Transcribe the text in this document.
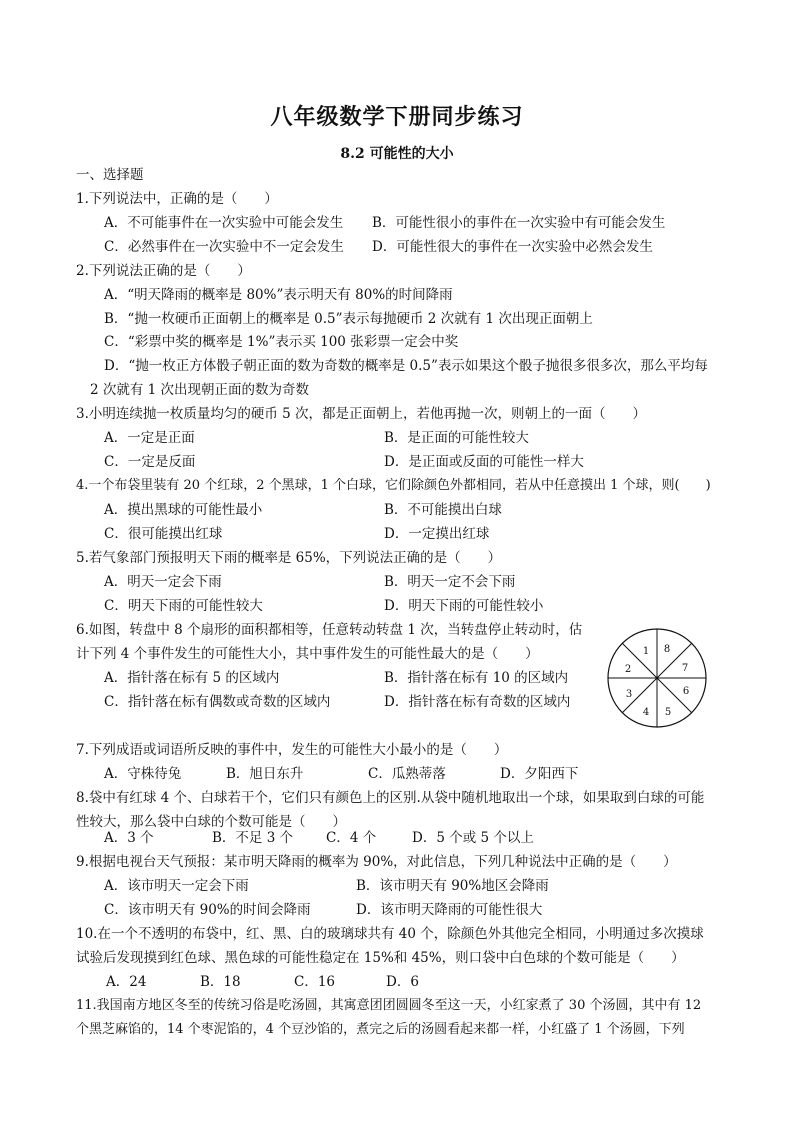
八年级数学下册同步练习
8.2 可能性的大小
一、选择题
1.下列说法中，正确的是（　　）
A．不可能事件在一次实验中可能会发生 B．可能性很小的事件在一次实验中有可能会发生
C．必然事件在一次实验中不一定会发生 D．可能性很大的事件在一次实验中必然会发生
2.下列说法正确的是（　　）
A．“明天降雨的概率是 80%”表示明天有 80%的时间降雨
B．“抛一枚硬币正面朝上的概率是 0.5”表示每抛硬币 2 次就有 1 次出现正面朝上
C．“彩票中奖的概率是 1%”表示买 100 张彩票一定会中奖
D．“抛一枚正方体骰子朝正面的数为奇数的概率是 0.5”表示如果这个骰子抛很多很多次，那么平均每
2 次就有 1 次出现朝正面的数为奇数
3.小明连续抛一枚质量均匀的硬币 5 次，都是正面朝上，若他再抛一次，则朝上的一面（　　）
A．一定是正面	B．是正面的可能性较大
C．一定是反面	D．是正面或反面的可能性一样大
4.一个布袋里装有 20 个红球，2 个黑球，1 个白球，它们除颜色外都相同，若从中任意摸出 1 个球，则(　　)
A．摸出黑球的可能性最小	B．不可能摸出白球
C．很可能摸出红球	D．一定摸出红球
5.若气象部门预报明天下雨的概率是 65%，下列说法正确的是（　　）
A．明天一定会下雨	B．明天一定不会下雨
C．明天下雨的可能性较大	D．明天下雨的可能性较小
6.如图，转盘中 8 个扇形的面积都相等，任意转动转盘 1 次，当转盘停止转动时，估
计下列 4 个事件发生的可能性大小，其中事件发生的可能性最大的是（　　）
A．指针落在标有 5 的区域内	B．指针落在标有 10 的区域内
C．指针落在标有偶数或奇数的区域内	D．指针落在标有奇数的区域内
1
2
3
4 5
6
7
8
7.下列成语或词语所反映的事件中，发生的可能性大小最小的是（　　）
A．守株待兔	B．旭日东升	C．瓜熟蒂落	D．夕阳西下
8.袋中有红球 4 个、白球若干个，它们只有颜色上的区别.从袋中随机地取出一个球，如果取到白球的可能
性较大，那么袋中白球的个数可能是（　　）
A．3 个	B．不足 3 个 C．4 个	D．5 个或 5 个以上
9.根据电视台天气预报：某市明天降雨的概率为 90%，对此信息，下列几种说法中正确的是（　　）
A．该市明天一定会下雨	B．该市明天有 90%地区会降雨
C．该市明天有 90%的时间会降雨	D．该市明天降雨的可能性很大
10.在一个不透明的布袋中，红、黑、白的玻璃球共有 40 个，除颜色外其他完全相同，小明通过多次摸球
试验后发现摸到红色球、黑色球的可能性稳定在 15%和 45%，则口袋中白色球的个数可能是（　　）
A．24	B．18	C．16	D．6
11.我国南方地区冬至的传统习俗是吃汤圆，其寓意团团圆圆冬至这一天，小红家煮了 30 个汤圆，其中有 12
个黑芝麻馅的，14 个枣泥馅的，4 个豆沙馅的，煮完之后的汤圆看起来都一样，小红盛了 1 个汤圆，下列
